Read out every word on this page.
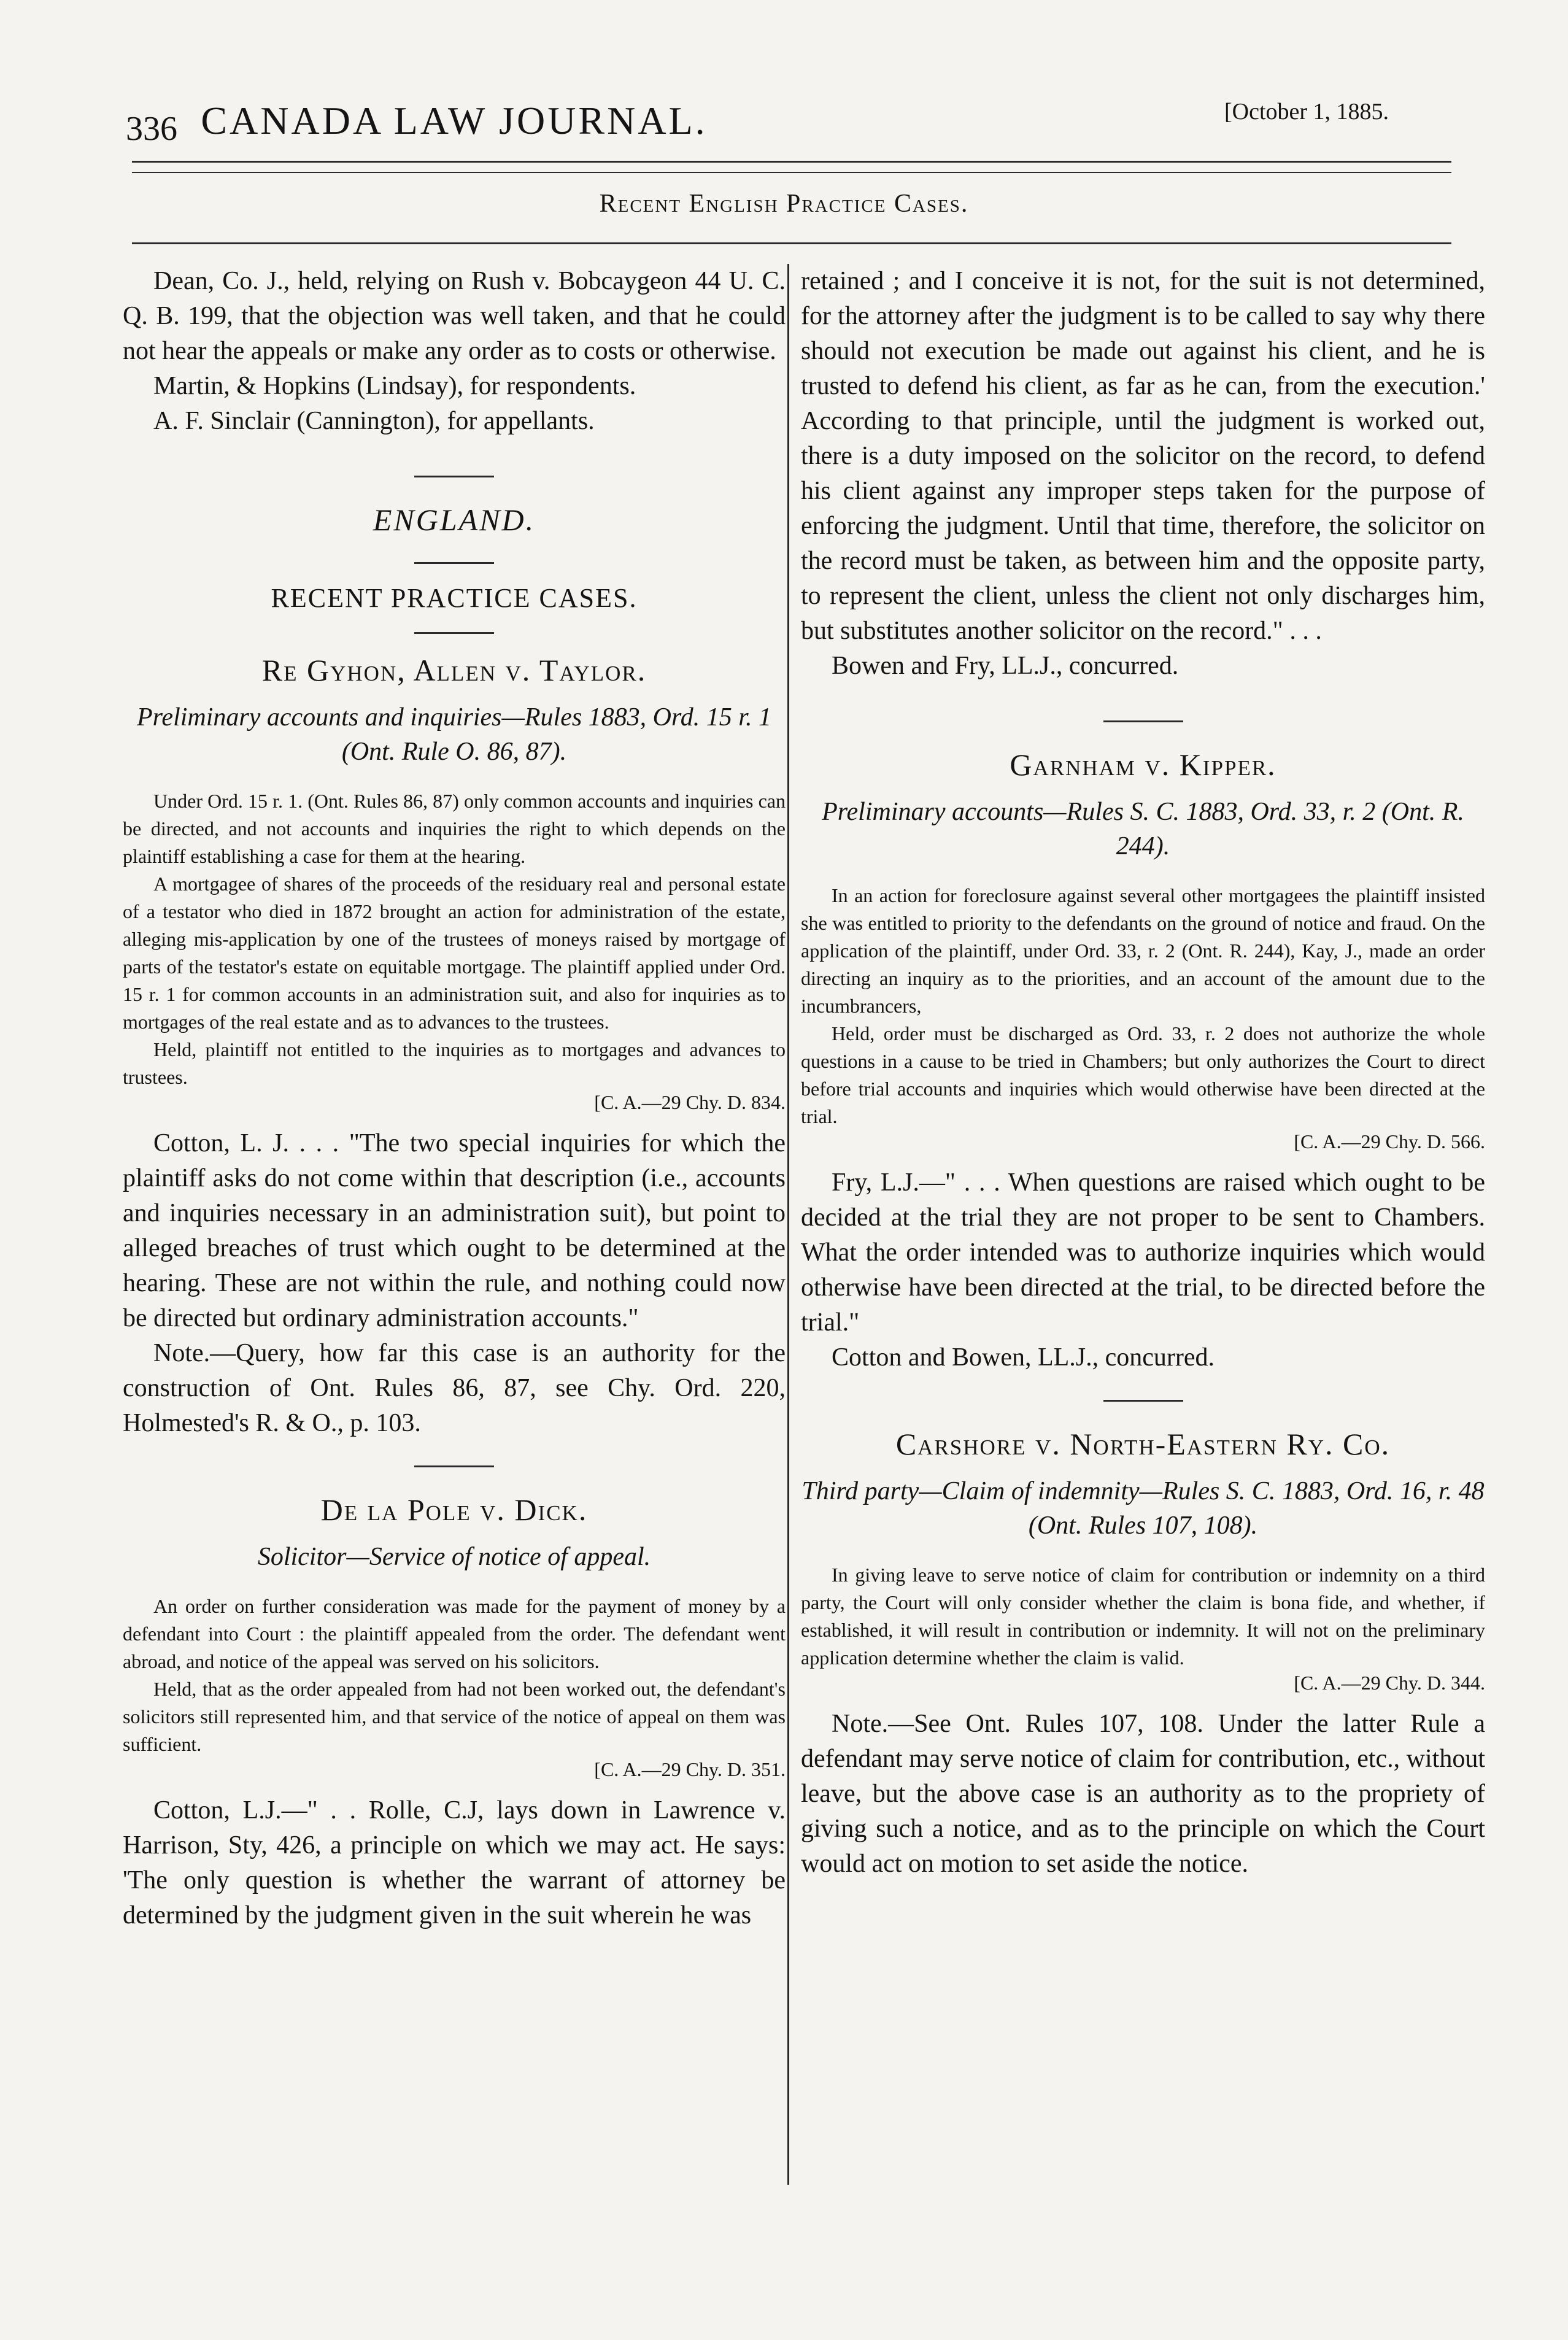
336 CANADA LAW JOURNAL.	[October 1, 1885.
Recent English Practice Cases.

Dean, Co. J., held, relying on Rush v. Bobcaygeon 44 U. C. Q. B. 199, that the objection was well taken, and that he could not hear the appeals or make any order as to costs or otherwise.

Martin, & Hopkins (Lindsay), for respondents.

A. F. Sinclair (Cannington), for appellants.

ENGLAND.

RECENT PRACTICE CASES.

Re Gyhon, Allen v. Taylor.

Preliminary accounts and inquiries—Rules 1883, Ord. 15 r. 1 (Ont. Rule O. 86, 87).

Under Ord. 15 r. 1. (Ont. Rules 86, 87) only common accounts and inquiries can be directed, and not accounts and inquiries the right to which depends on the plaintiff establishing a case for them at the hearing.

A mortgagee of shares of the proceeds of the residuary real and personal estate of a testator who died in 1872 brought an action for administration of the estate, alleging mis-application by one of the trustees of moneys raised by mortgage of parts of the testator's estate on equitable mortgage. The plaintiff applied under Ord. 15 r. 1 for common accounts in an administration suit, and also for inquiries as to mortgages of the real estate and as to advances to the trustees.

Held, plaintiff not entitled to the inquiries as to mortgages and advances to trustees.

[C. A.—29 Chy. D. 834.

Cotton, L. J. . . . "The two special inquiries for which the plaintiff asks do not come within that description (i.e., accounts and inquiries necessary in an administration suit), but point to alleged breaches of trust which ought to be determined at the hearing. These are not within the rule, and nothing could now be directed but ordinary administration accounts."

Note.—Query, how far this case is an authority for the construction of Ont. Rules 86, 87, see Chy. Ord. 220, Holmested's R. & O., p. 103.

De la Pole v. Dick.

Solicitor—Service of notice of appeal.

An order on further consideration was made for the payment of money by a defendant into Court : the plaintiff appealed from the order. The defendant went abroad, and notice of the appeal was served on his solicitors.

Held, that as the order appealed from had not been worked out, the defendant's solicitors still represented him, and that service of the notice of appeal on them was sufficient.

[C. A.—29 Chy. D. 351.

Cotton, L.J.—" . . Rolle, C.J, lays down in Lawrence v. Harrison, Sty, 426, a principle on which we may act. He says: 'The only question is whether the warrant of attorney be determined by the judgment given in the suit wherein he was

retained ; and I conceive it is not, for the suit is not determined, for the attorney after the judgment is to be called to say why there should not execution be made out against his client, and he is trusted to defend his client, as far as he can, from the execution.' According to that principle, until the judgment is worked out, there is a duty imposed on the solicitor on the record, to defend his client against any improper steps taken for the purpose of enforcing the judgment. Until that time, therefore, the solicitor on the record must be taken, as between him and the opposite party, to represent the client, unless the client not only discharges him, but substitutes another solicitor on the record." . . .

Bowen and Fry, LL.J., concurred.

Garnham v. Kipper.

Preliminary accounts—Rules S. C. 1883, Ord. 33, r. 2 (Ont. R. 244).

In an action for foreclosure against several other mortgagees the plaintiff insisted she was entitled to priority to the defendants on the ground of notice and fraud. On the application of the plaintiff, under Ord. 33, r. 2 (Ont. R. 244), Kay, J., made an order directing an inquiry as to the priorities, and an account of the amount due to the incumbrancers,

Held, order must be discharged as Ord. 33, r. 2 does not authorize the whole questions in a cause to be tried in Chambers; but only authorizes the Court to direct before trial accounts and inquiries which would otherwise have been directed at the trial.

[C. A.—29 Chy. D. 566.

Fry, L.J.—" . . . When questions are raised which ought to be decided at the trial they are not proper to be sent to Chambers. What the order intended was to authorize inquiries which would otherwise have been directed at the trial, to be directed before the trial."

Cotton and Bowen, LL.J., concurred.

Carshore v. North-Eastern Ry. Co.

Third party—Claim of indemnity—Rules S. C. 1883, Ord. 16, r. 48 (Ont. Rules 107, 108).

In giving leave to serve notice of claim for contribution or indemnity on a third party, the Court will only consider whether the claim is bona fide, and whether, if established, it will result in contribution or indemnity. It will not on the preliminary application determine whether the claim is valid.

[C. A.—29 Chy. D. 344.

Note.—See Ont. Rules 107, 108. Under the latter Rule a defendant may serve notice of claim for contribution, etc., without leave, but the above case is an authority as to the propriety of giving such a notice, and as to the principle on which the Court would act on motion to set aside the notice.
